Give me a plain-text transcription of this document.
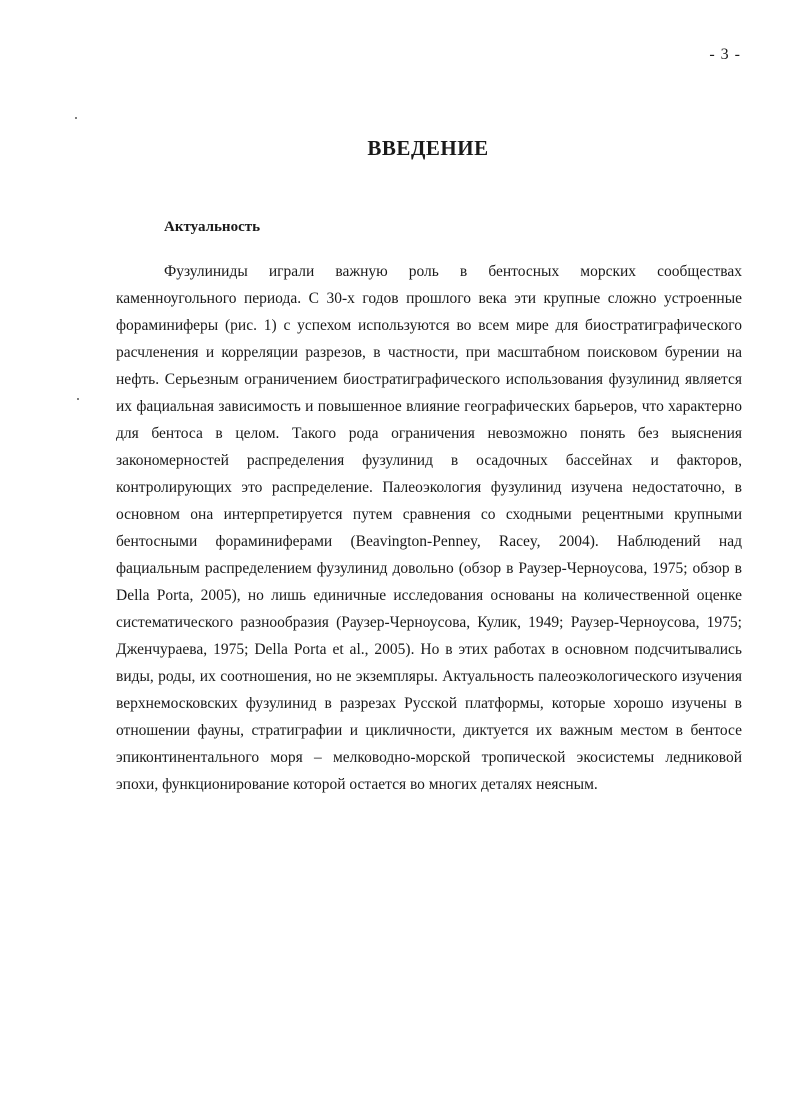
- 3 -
ВВЕДЕНИЕ
Актуальность

Фузулиниды играли важную роль в бентосных морских сообществах каменноугольного периода. С 30-х годов прошлого века эти крупные сложно устроенные фораминиферы (рис. 1) с успехом используются во всем мире для биостратиграфического расчленения и корреляции разрезов, в частности, при масштабном поисковом бурении на нефть. Серьезным ограничением биостратиграфического использования фузулинид является их фациальная зависимость и повышенное влияние географических барьеров, что характерно для бентоса в целом. Такого рода ограничения невозможно понять без выяснения закономерностей распределения фузулинид в осадочных бассейнах и факторов, контролирующих это распределение. Палеоэкология фузулинид изучена недостаточно, в основном она интерпретируется путем сравнения со сходными рецентными крупными бентосными фораминиферами (Beavington-Penney, Racey, 2004). Наблюдений над фациальным распределением фузулинид довольно (обзор в Раузер-Черноусова, 1975; обзор в Della Porta, 2005), но лишь единичные исследования основаны на количественной оценке систематического разнообразия (Раузер-Черноусова, Кулик, 1949; Раузер-Черноусова, 1975; Дженчураева, 1975; Della Porta et al., 2005). Но в этих работах в основном подсчитывались виды, роды, их соотношения, но не экземпляры. Актуальность палеоэкологического изучения верхнемосковских фузулинид в разрезах Русской платформы, которые хорошо изучены в отношении фауны, стратиграфии и цикличности, диктуется их важным местом в бентосе эпиконтинентального моря – мелководно-морской тропической экосистемы ледниковой эпохи, функционирование которой остается во многих деталях неясным.
